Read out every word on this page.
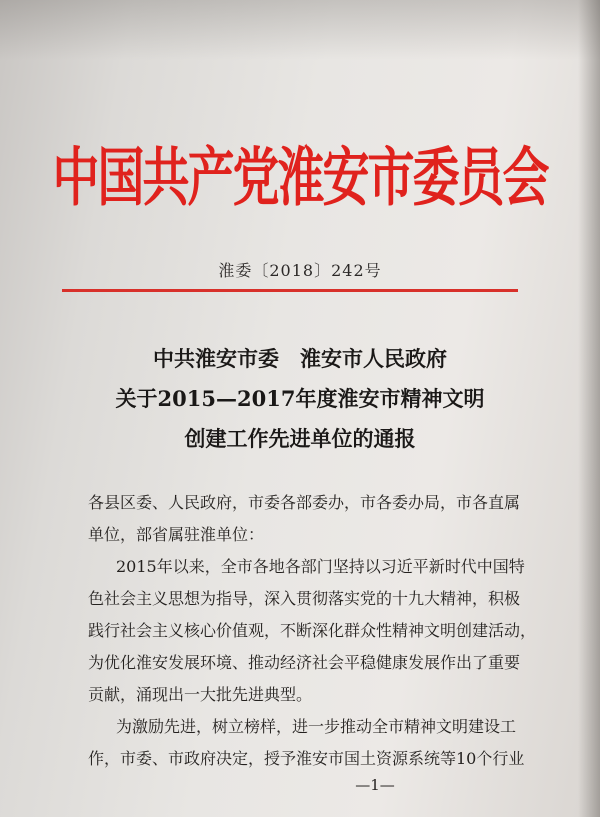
中国共产党淮安市委员会
淮委〔2018〕242号
中共淮安市委　淮安市人民政府
关于2015—2017年度淮安市精神文明
创建工作先进单位的通报
各县区委、人民政府，市委各部委办，市各委办局，市各直属
单位，部省属驻淮单位：
2015年以来，全市各地各部门坚持以习近平新时代中国特
色社会主义思想为指导，深入贯彻落实党的十九大精神，积极
践行社会主义核心价值观，不断深化群众性精神文明创建活动，
为优化淮安发展环境、推动经济社会平稳健康发展作出了重要
贡献，涌现出一大批先进典型。
为激励先进，树立榜样，进一步推动全市精神文明建设工
作，市委、市政府决定，授予淮安市国土资源系统等10个行业
—1—
